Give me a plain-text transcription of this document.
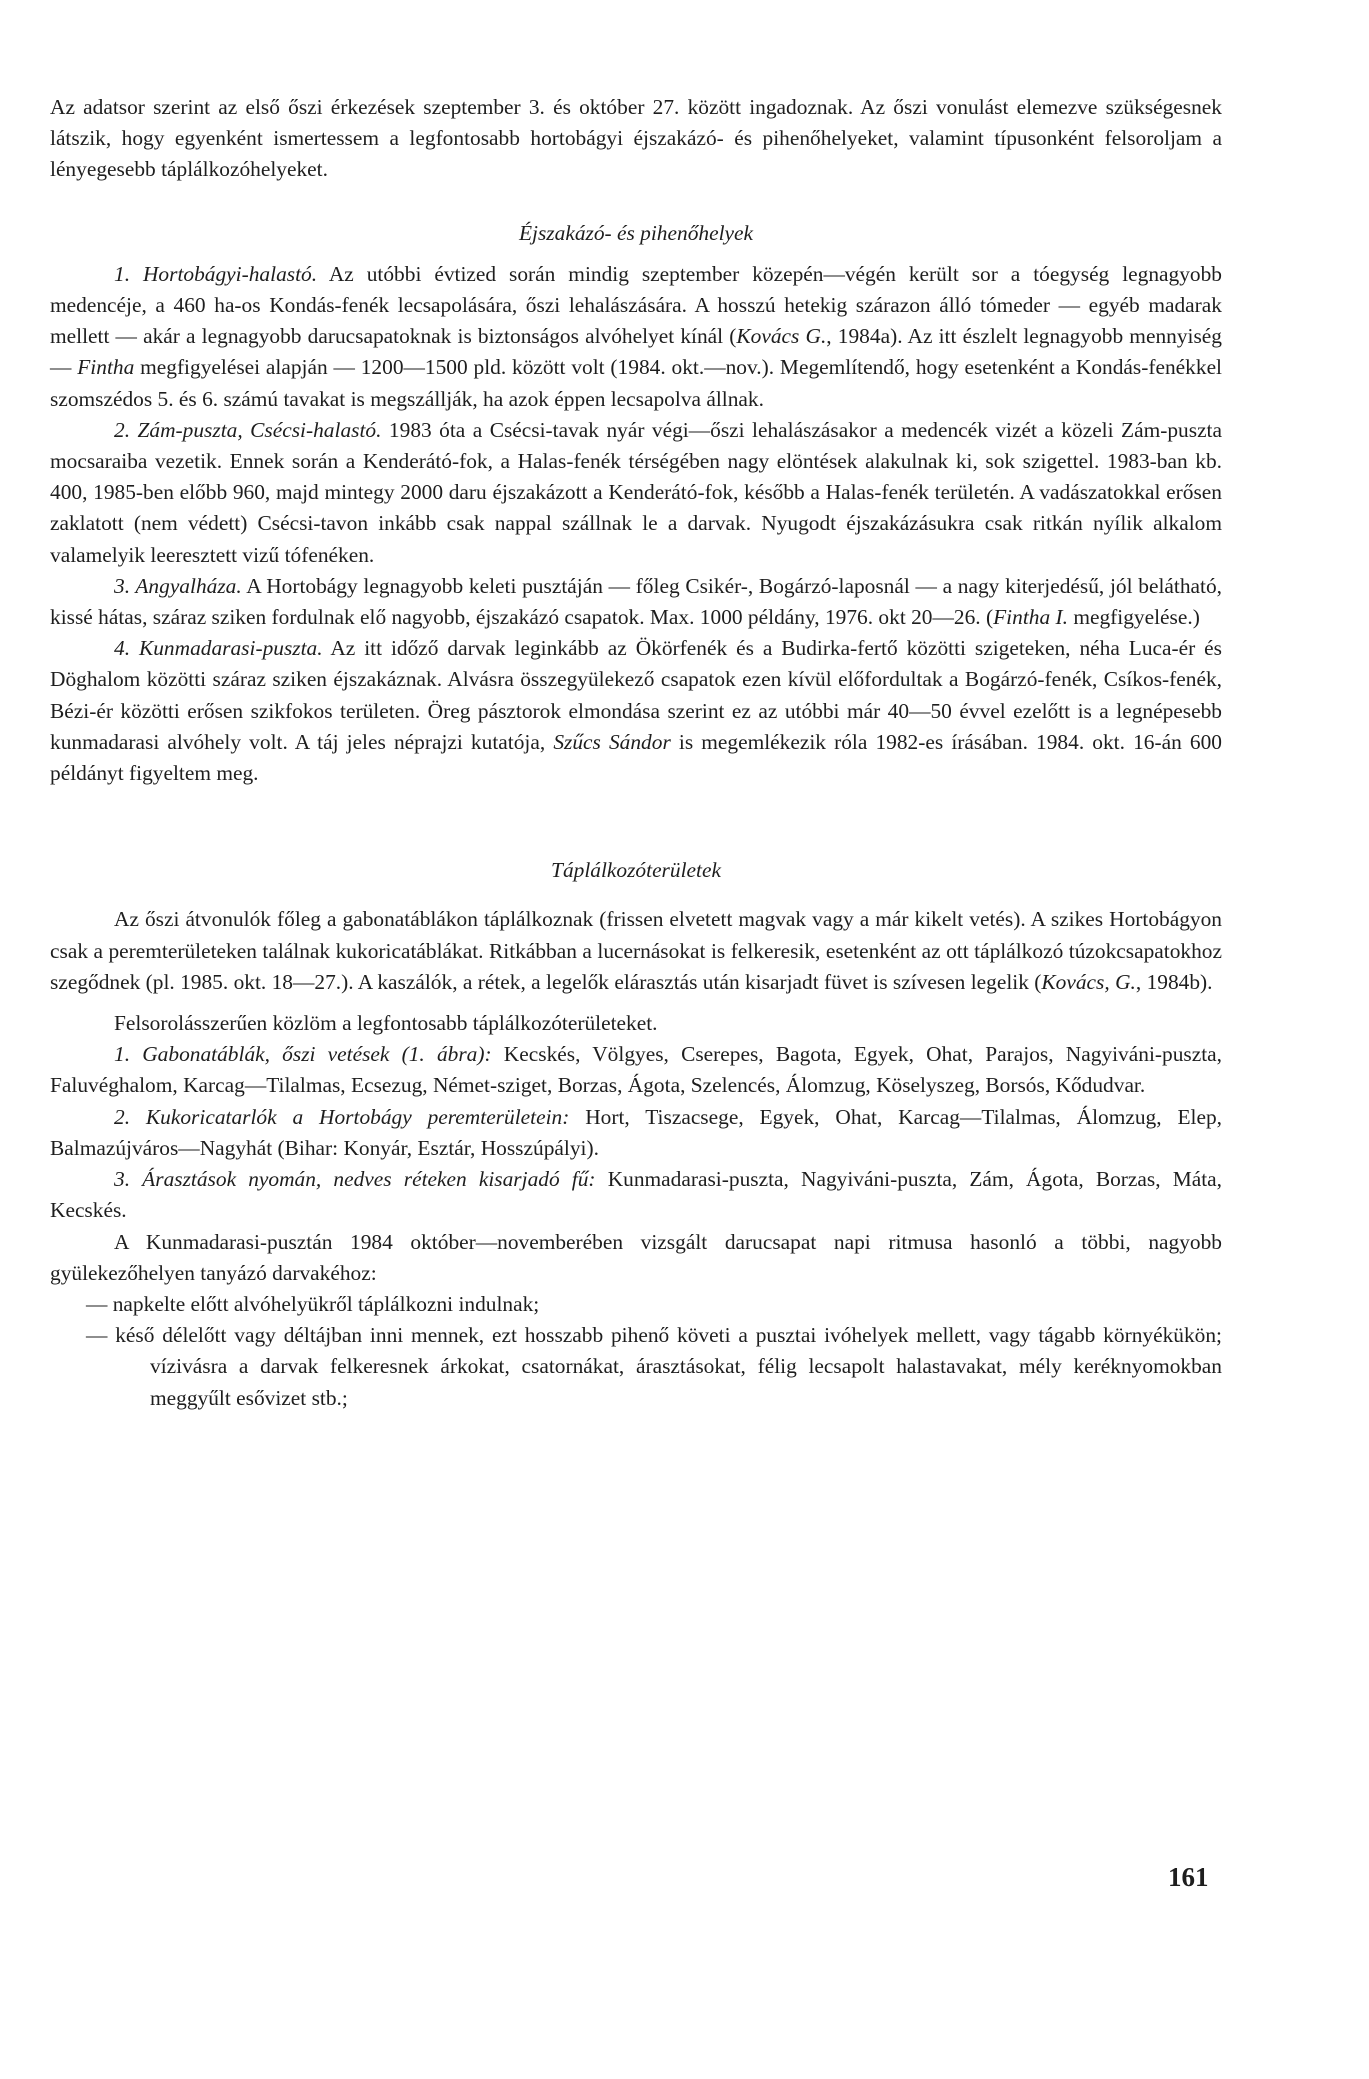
Az adatsor szerint az első őszi érkezések szeptember 3. és október 27. között ingadoznak. Az őszi vonulást elemezve szükségesnek látszik, hogy egyenként ismertessem a legfontosabb hortobágyi éjszakázó- és pihenőhelyeket, valamint típusonként felsoroljam a lényegesebb táplálkozóhelyeket.

Éjszakázó- és pihenőhelyek

1. Hortobágyi-halastó. Az utóbbi évtized során mindig szeptember közepén—végén került sor a tóegység legnagyobb medencéje, a 460 ha-os Kondás-fenék lecsapolására, őszi lehalászására. A hosszú hetekig szárazon álló tómeder — egyéb madarak mellett — akár a legnagyobb darucsapatoknak is biztonságos alvóhelyet kínál (Kovács G., 1984a). Az itt észlelt legnagyobb mennyiség — Fintha megfigyelései alapján — 1200—1500 pld. között volt (1984. okt.—nov.). Megemlítendő, hogy esetenként a Kondás-fenékkel szomszédos 5. és 6. számú tavakat is megszállják, ha azok éppen lecsapolva állnak.

2. Zám-puszta, Csécsi-halastó. 1983 óta a Csécsi-tavak nyár végi—őszi lehalászásakor a medencék vizét a közeli Zám-puszta mocsaraiba vezetik. Ennek során a Kenderátó-fok, a Halas-fenék térségében nagy elöntések alakulnak ki, sok szigettel. 1983-ban kb. 400, 1985-ben előbb 960, majd mintegy 2000 daru éjszakázott a Kenderátó-fok, később a Halas-fenék területén. A vadászatokkal erősen zaklatott (nem védett) Csécsi-tavon inkább csak nappal szállnak le a darvak. Nyugodt éjszakázásukra csak ritkán nyílik alkalom valamelyik leeresztett vizű tófenéken.

3. Angyalháza. A Hortobágy legnagyobb keleti pusztáján — főleg Csikér-, Bogárzó-laposnál — a nagy kiterjedésű, jól belátható, kissé hátas, száraz sziken fordulnak elő nagyobb, éjszakázó csapatok. Max. 1000 példány, 1976. okt 20—26. (Fintha I. megfigyelése.)

4. Kunmadarasi-puszta. Az itt időző darvak leginkább az Ökörfenék és a Budirka-fertő közötti szigeteken, néha Luca-ér és Döghalom közötti száraz sziken éjszakáznak. Alvásra összegyülekező csapatok ezen kívül előfordultak a Bogárzó-fenék, Csíkos-fenék, Bézi-ér közötti erősen szikfokos területen. Öreg pásztorok elmondása szerint ez az utóbbi már 40—50 évvel ezelőtt is a legnépesebb kunmadarasi alvóhely volt. A táj jeles néprajzi kutatója, Szűcs Sándor is megemlékezik róla 1982-es írásában. 1984. okt. 16-án 600 példányt figyeltem meg.

Táplálkozóterületek

Az őszi átvonulók főleg a gabonatáblákon táplálkoznak (frissen elvetett magvak vagy a már kikelt vetés). A szikes Hortobágyon csak a peremterületeken találnak kukoricatáblákat. Ritkábban a lucernásokat is felkeresik, esetenként az ott táplálkozó túzokcsapatokhoz szegődnek (pl. 1985. okt. 18—27.). A kaszálók, a rétek, a legelők elárasztás után kisarjadt füvet is szívesen legelik (Kovács, G., 1984b).

Felsorolásszerűen közlöm a legfontosabb táplálkozóterületeket.

1. Gabonatáblák, őszi vetések (1. ábra): Kecskés, Völgyes, Cserepes, Bagota, Egyek, Ohat, Parajos, Nagyiváni-puszta, Faluvéghalom, Karcag—Tilalmas, Ecsezug, Német-sziget, Borzas, Ágota, Szelencés, Álomzug, Köselyszeg, Borsós, Kődudvar.

2. Kukoricatarlók a Hortobágy peremterületein: Hort, Tiszacsege, Egyek, Ohat, Karcag—Tilalmas, Álomzug, Elep, Balmazújváros—Nagyhát (Bihar: Konyár, Esztár, Hosszúpályi).

3. Árasztások nyomán, nedves réteken kisarjadó fű: Kunmadarasi-puszta, Nagyiváni-puszta, Zám, Ágota, Borzas, Máta, Kecskés.

A Kunmadarasi-pusztán 1984 október—novemberében vizsgált darucsapat napi ritmusa hasonló a többi, nagyobb gyülekezőhelyen tanyázó darvakéhoz:

— napkelte előtt alvóhelyükről táplálkozni indulnak;

— késő délelőtt vagy déltájban inni mennek, ezt hosszabb pihenő követi a pusztai ivóhelyek mellett, vagy tágabb környékükön; vízivásra a darvak felkeresnek árkokat, csatornákat, árasztásokat, félig lecsapolt halastavakat, mély keréknyomokban meggyűlt esővizet stb.;

161
